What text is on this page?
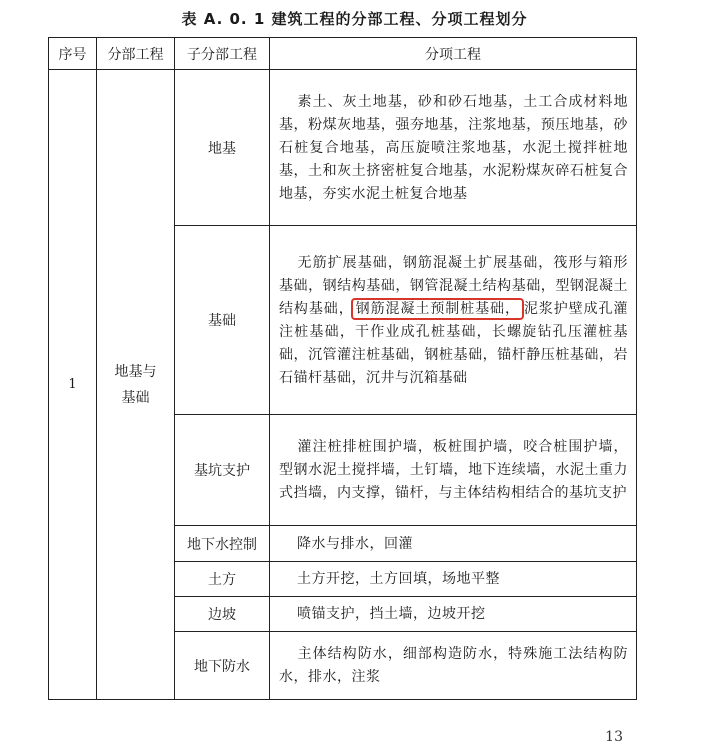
表 A. 0. 1 建筑工程的分部工程、分项工程划分
序号	分部工程	子分部工程	分项工程
1	地基与基础	地基	素土、灰土地基，砂和砂石地基，土工合成材料地基，粉煤灰地基，强夯地基，注浆地基，预压地基，砂石桩复合地基，高压旋喷注浆地基，水泥土搅拌桩地基，土和灰土挤密桩复合地基，水泥粉煤灰碎石桩复合地基，夯实水泥土桩复合地基
		基础	无筋扩展基础，钢筋混凝土扩展基础，筏形与箱形基础，钢结构基础，钢管混凝土结构基础，型钢混凝土结构基础， 钢筋混凝土预制桩基础， 泥浆护壁成孔灌注桩基础，干作业成孔桩基础，长螺旋钻孔压灌桩基础，沉管灌注桩基础，钢桩基础，锚杆静压桩基础，岩石锚杆基础，沉井与沉箱基础
		基坑支护	灌注桩排桩围护墙，板桩围护墙，咬合桩围护墙，型钢水泥土搅拌墙，土钉墙，地下连续墙，水泥土重力式挡墙，内支撑，锚杆，与主体结构相结合的基坑支护
		地下水控制	降水与排水，回灌
		土方	土方开挖，土方回填，场地平整
		边坡	喷锚支护，挡土墙，边坡开挖
		地下防水	主体结构防水，细部构造防水，特殊施工法结构防水，排水，注浆
13
